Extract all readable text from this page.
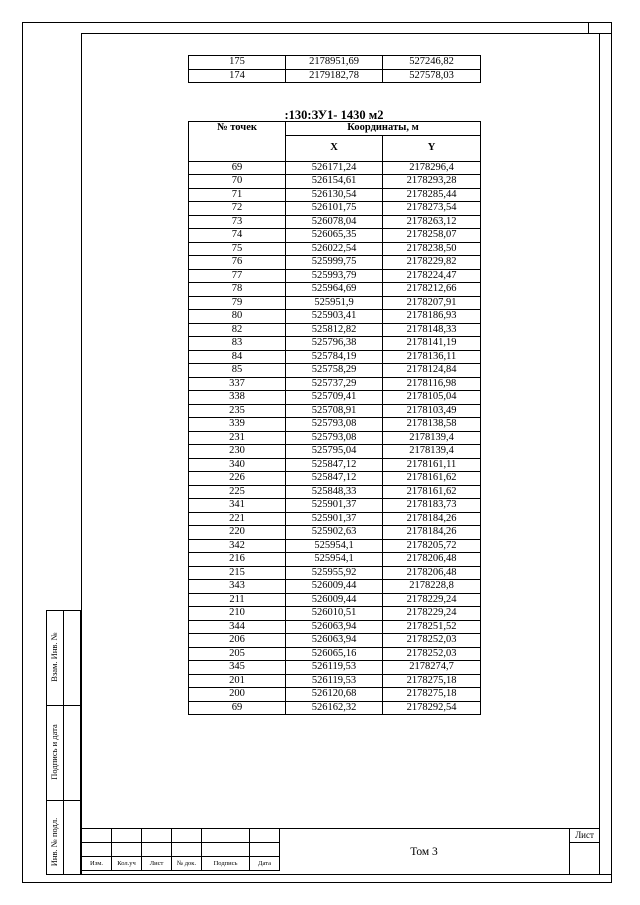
Взам. Инв. №
Подпись и дата
Инв. № подл.
175	2178951,69	527246,82
174	2179182,78	527578,03
:130:ЗУ1- 1430 м2
№ точек	Координаты, м	
	X	Y
69	526171,24	2178296,4
70	526154,61	2178293,28
71	526130,54	2178285,44
72	526101,75	2178273,54
73	526078,04	2178263,12
74	526065,35	2178258,07
75	526022,54	2178238,50
76	525999,75	2178229,82
77	525993,79	2178224,47
78	525964,69	2178212,66
79	525951,9	2178207,91
80	525903,41	2178186,93
82	525812,82	2178148,33
83	525796,38	2178141,19
84	525784,19	2178136,11
85	525758,29	2178124,84
337	525737,29	2178116,98
338	525709,41	2178105,04
235	525708,91	2178103,49
339	525793,08	2178138,58
231	525793,08	2178139,4
230	525795,04	2178139,4
340	525847,12	2178161,11
226	525847,12	2178161,62
225	525848,33	2178161,62
341	525901,37	2178183,73
221	525901,37	2178184,26
220	525902,63	2178184,26
342	525954,1	2178205,72
216	525954,1	2178206,48
215	525955,92	2178206,48
343	526009,44	2178228,8
211	526009,44	2178229,24
210	526010,51	2178229,24
344	526063,94	2178251,52
206	526063,94	2178252,03
205	526065,16	2178252,03
345	526119,53	2178274,7
201	526119,53	2178275,18
200	526120,68	2178275,18
69	526162,32	2178292,54

Изм.	Кол.уч	Лист	№ док.	Подпись	Дата
Том 3
Лист
